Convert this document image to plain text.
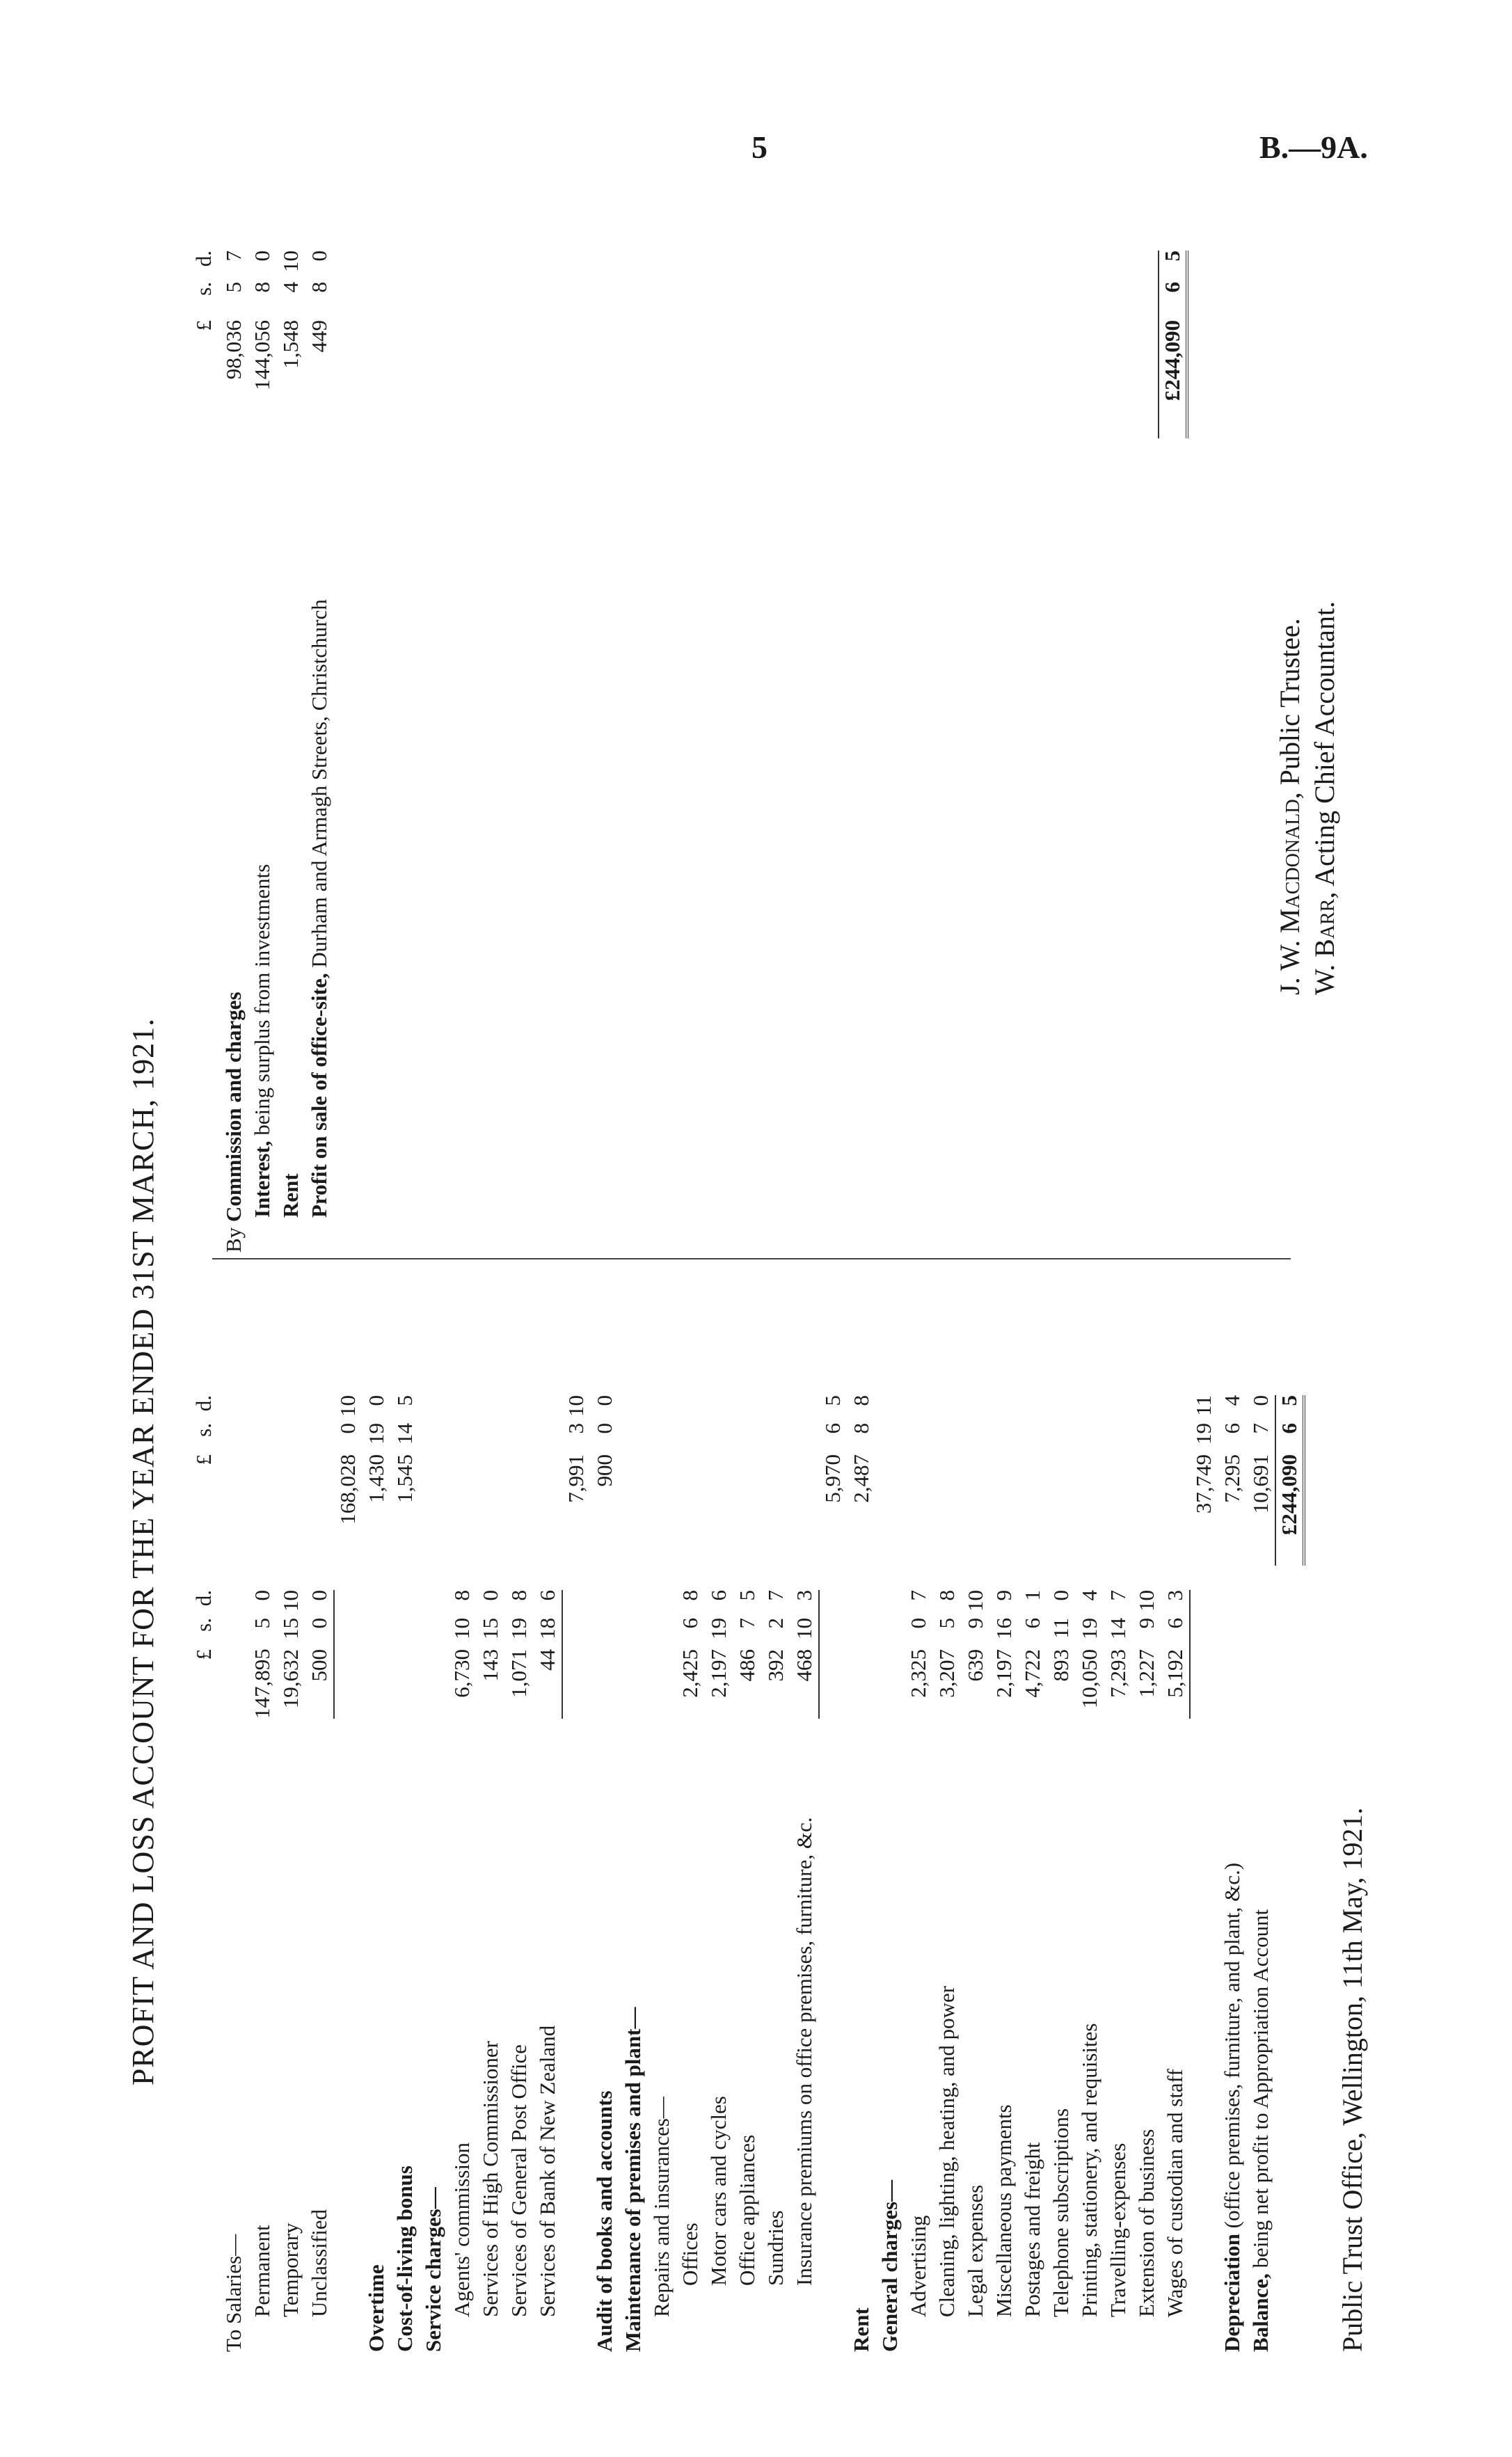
5	B.—9A.
PROFIT AND LOSS ACCOUNT FOR THE YEAR ENDED 31ST MARCH, 1921. £
s.
d.
£
s.
d.
To Salaries— Permanent
147,895
5
0
Temporary
19,632
15
10
Unclassified
500
0
0
168,028
0
10
Overtime
1,430
19
0
Cost-of-living bonus
1,545
14
5
Service charges— Agents' commission
6,730
10
8
Services of High Commissioner
143
15
0
Services of General Post Office
1,071
19
8
Services of Bank of New Zealand
44
18
6
7,991
3
10
Audit of books and accounts
900
0
0
Maintenance of premises and plant— Repairs and insurances— Offices
2,425
6
8
Motor cars and cycles
2,197
19
6
Office appliances
486
7
5
Sundries
392
2
7
Insurance premiums on office premises, furniture, &c.
468
10
3
5,970
6
5
Rent
2,487
8
8
General charges— Advertising
2,325
0
7
Cleaning, lighting, heating, and power
3,207
5
8
Legal expenses
639
9
10
Miscellaneous payments
2,197
16
9
Postages and freight
4,722
6
1
Telephone subscriptions
893
11
0
Printing, stationery, and requisites
10,050
19
4
Travelling-expenses
7,293
14
7
Extension of business
1,227
9
10
Wages of custodian and staff
5,192
6
3
37,749
19
11
Depreciation (office premises, furniture, and plant, &c.)
7,295
6
4
Balance, being net profit to Appropriation Account
10,691
7
0
£244,090
6
5
£
s.
d.
By Commission and charges
98,036
5
7
Interest, being surplus from investments
144,056
8
0
Rent
1,548
4
10
Profit on sale of office-site, Durham and Armagh Streets, Christchurch
449
8
0
£244,090
6
5
Public Trust Office, Wellington, 11th May, 1921.
J. W. Macdonald, Public Trustee.
W. Barr, Acting Chief Accountant.
